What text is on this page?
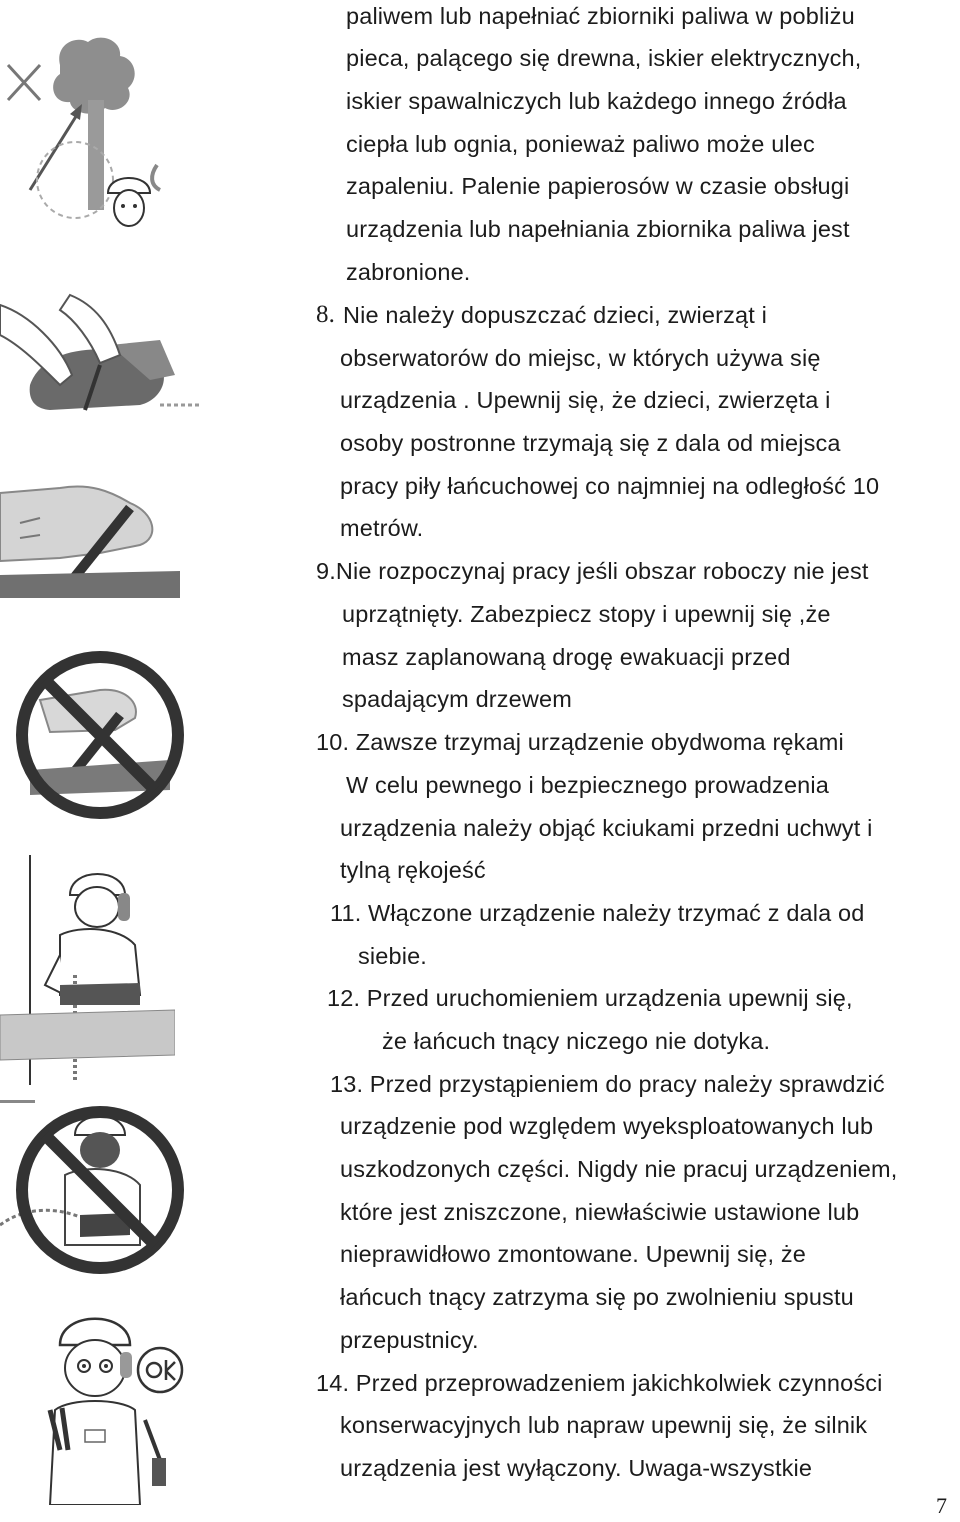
paliwem lub napełniać zbiorniki paliwa w pobliżu
pieca, palącego się drewna, iskier elektrycznych,
iskier spawalniczych lub każdego innego źródła
ciepła lub ognia, ponieważ paliwo może ulec
zapaleniu. Palenie papierosów w czasie obsługi
urządzenia lub napełniania zbiornika paliwa jest
zabronione.
8. Nie należy dopuszczać dzieci, zwierząt i
obserwatorów do miejsc, w których używa się
urządzenia . Upewnij się, że dzieci, zwierzęta i
osoby postronne trzymają się z dala od miejsca
pracy piły łańcuchowej co najmniej na odległość 10
metrów.
9.Nie rozpoczynaj pracy jeśli obszar roboczy nie jest
uprzątnięty. Zabezpiecz stopy i upewnij się ,że
masz zaplanowaną drogę ewakuacji przed
spadającym drzewem
10. Zawsze trzymaj urządzenie obydwoma rękami
W celu pewnego i bezpiecznego prowadzenia
urządzenia należy objąć kciukami przedni uchwyt i
tylną rękojeść
11. Włączone urządzenie należy trzymać z dala od
siebie.
12. Przed uruchomieniem urządzenia upewnij się,
że łańcuch tnący niczego nie dotyka.
13. Przed przystąpieniem do pracy należy sprawdzić
urządzenie pod względem wyeksploatowanych lub
uszkodzonych części. Nigdy nie pracuj urządzeniem,
które jest zniszczone, niewłaściwie ustawione lub
nieprawidłowo zmontowane. Upewnij się, że
łańcuch tnący zatrzyma się po zwolnieniu spustu
przepustnicy.
14. Przed przeprowadzeniem jakichkolwiek czynności
konserwacyjnych lub napraw upewnij się, że silnik
urządzenia jest wyłączony. Uwaga-wszystkie
7
